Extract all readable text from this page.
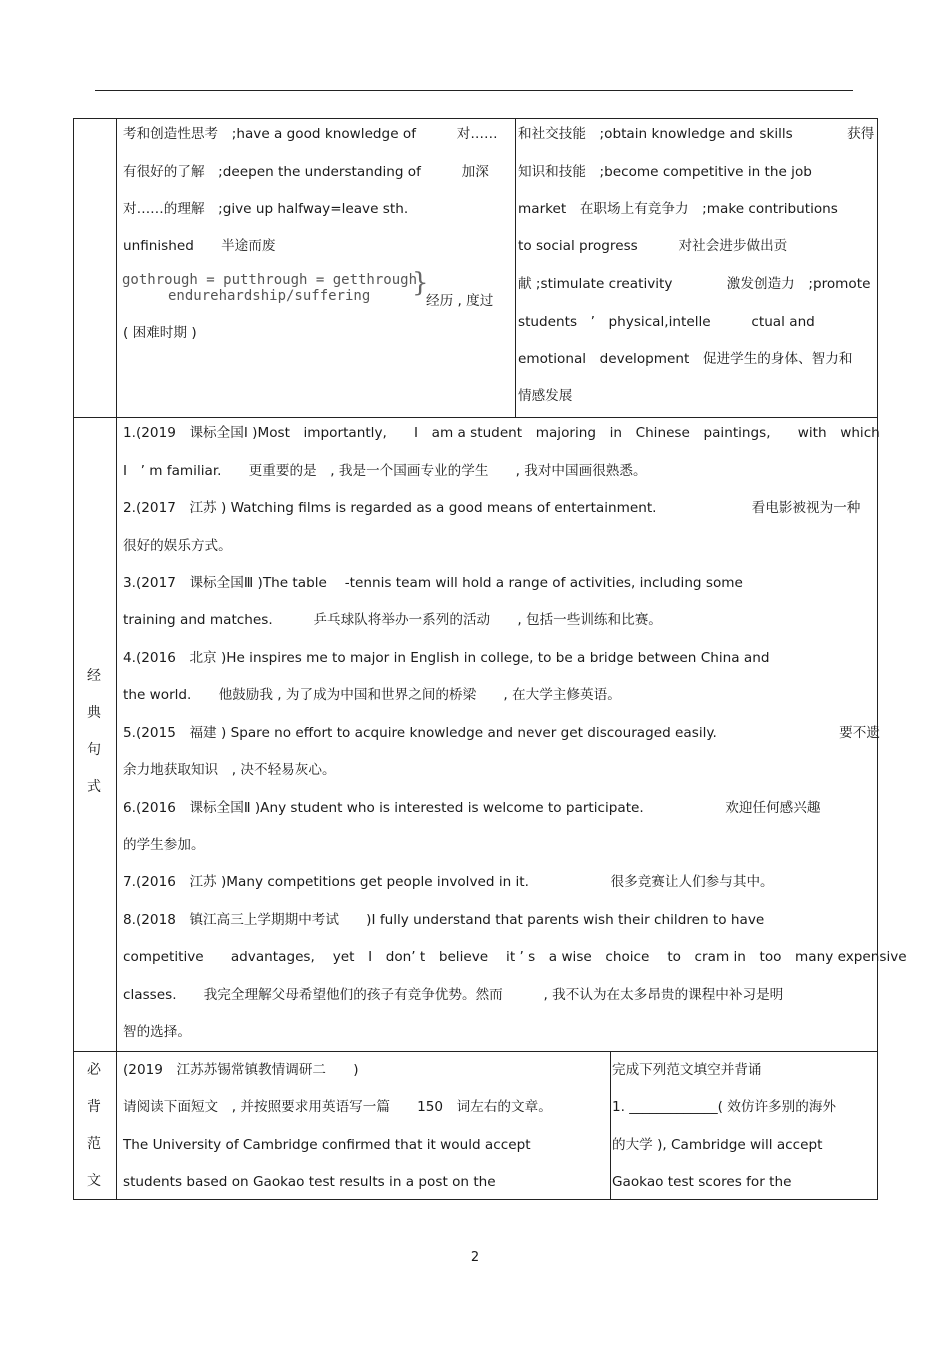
考和创造性思考　;have a good knowledge of　　　对……
有很好的了解　;deepen the understanding of　　　加深
对……的理解　;give up halfway=leave sth.
unfinished　　半途而废
gothrough = putthrough = getthrough
endurehardship/suffering }
经历 , 度过
( 困难时期 )
和社交技能　;obtain knowledge and skills　　　　获得
知识和技能　;become competitive in the job
market　在职场上有竞争力　;make contributions
to social progress　　　对社会进步做出贡
献 ;stimulate creativity　　　　激发创造力　;promote
students　’　physical,intelle　　　ctual and
emotional　development　促进学生的身体、智力和
情感发展
经
典
句
式
1.(2019　课标全国Ⅰ )Most　importantly,　　I　am a student　majoring　in　Chinese　paintings,　　with　which
I　’ m familiar.　　更重要的是　, 我是一个国画专业的学生　　, 我对中国画很熟悉。
2.(2017　江苏 ) Watching films is regarded as a good means of entertainment.　　　　　　　看电影被视为一种
很好的娱乐方式。
3.(2017　课标全国Ⅲ )The table　 -tennis team will hold a range of activities, including some
training and matches.　　　乒乓球队将举办一系列的活动　　, 包括一些训练和比赛。
4.(2016　北京 )He inspires me to major in English in college, to be a bridge between China and
the world.　　他鼓励我 , 为了成为中国和世界之间的桥梁　　, 在大学主修英语。
5.(2015　福建 ) Spare no effort to acquire knowledge and never get discouraged easily.　　　　　　　　　要不遗
余力地获取知识　, 决不轻易灰心。
6.(2016　课标全国Ⅱ )Any student who is interested is welcome to participate.　　　　　　欢迎任何感兴趣
的学生参加。
7.(2016　江苏 )Many competitions get people involved in it.　　　　　　很多竞赛让人们参与其中。
8.(2018　镇江高三上学期期中考试　　)I fully understand that parents wish their children to have
competitive　　advantages,　 yet　I　don’ t　believe　 it ’ s　a wise　choice　 to　cram in　too　many expensive
classes.　　我完全理解父母希望他们的孩子有竞争优势。然而　　　, 我不认为在太多昂贵的课程中补习是明
智的选择。
必
背
范
文
(2019　江苏苏锡常镇教情调研二　　)
请阅读下面短文　, 并按照要求用英语写一篇　　150　词左右的文章。
The University of Cambridge confirmed that it would accept
students based on Gaokao test results in a post on the
完成下列范文填空并背诵
1. _____________( 效仿许多别的海外
的大学 ), Cambridge will accept
Gaokao test scores for the
2
